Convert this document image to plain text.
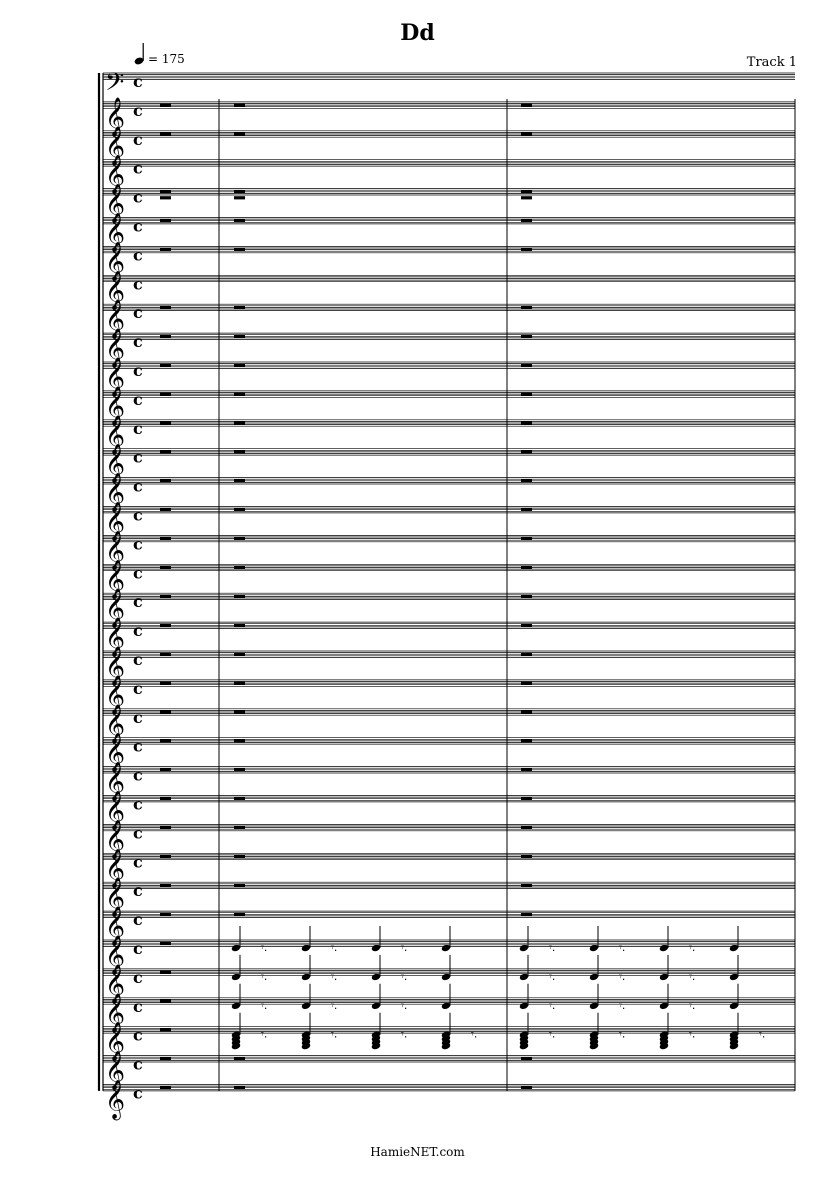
Dd
Track 1
= 175
𝄢 c
𝄞 c
𝄞 c
𝄞 c
𝄞 c
𝄞 c
𝄞 c
𝄞 c
𝄞 c
𝄞 c
𝄞 c
𝄞 c
𝄞 c
𝄞 c
𝄞 c
𝄞 c
𝄞 c
𝄞 c
𝄞 c
𝄞 c
𝄞 c
𝄞 c
𝄞 c
𝄞 c
𝄞 c
𝄞 c
𝄞 c
𝄞 c
𝄞 c
𝄞 c
𝄞 c	𝄾.	𝄾.	𝄾.	𝄾.	𝄾.	𝄾.
𝄞 c	𝄾.	𝄾.	𝄾.	𝄾.	𝄾.	𝄾.
𝄞 c	𝄾.	𝄾.	𝄾.	𝄾.	𝄾.	𝄾.
𝄞 c	𝄾.	𝄾.	𝄾.	𝄾.	𝄾.	𝄾.	𝄾.	𝄾.
𝄞 c
𝄞 c
HamieNET.com
